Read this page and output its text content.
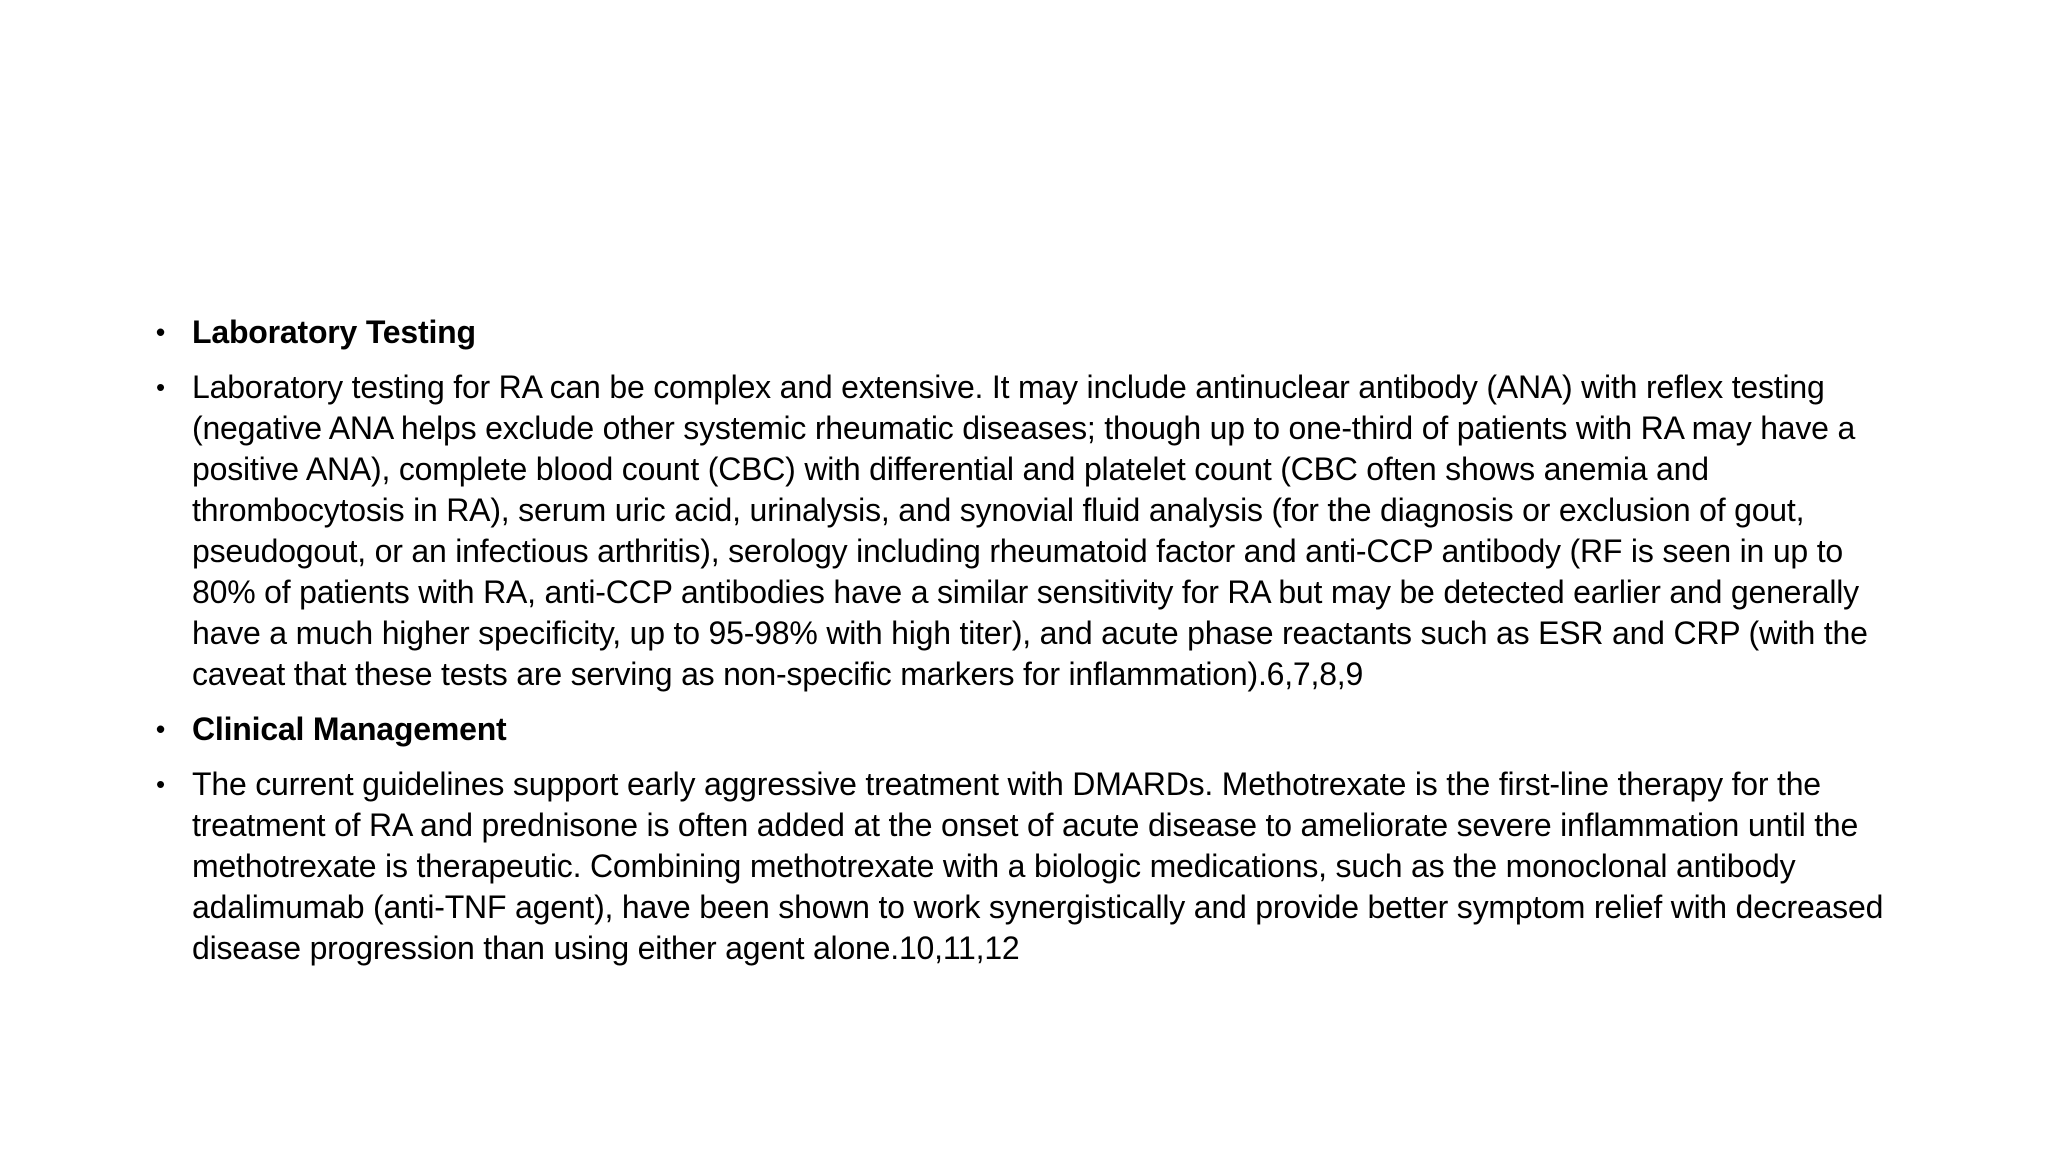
• Laboratory Testing
• Laboratory testing for RA can be complex and extensive. It may include antinuclear antibody (ANA) with reflex testing (negative ANA helps exclude other systemic rheumatic diseases; though up to one-third of patients with RA may have a positive ANA), complete blood count (CBC) with differential and platelet count (CBC often shows anemia and thrombocytosis in RA), serum uric acid, urinalysis, and synovial fluid analysis (for the diagnosis or exclusion of gout, pseudogout, or an infectious arthritis), serology including rheumatoid factor and anti-CCP antibody (RF is seen in up to 80% of patients with RA, anti-CCP antibodies have a similar sensitivity for RA but may be detected earlier and generally have a much higher specificity, up to 95-98% with high titer), and acute phase reactants such as ESR and CRP (with the caveat that these tests are serving as non-specific markers for inflammation).6,7,8,9
• Clinical Management
• The current guidelines support early aggressive treatment with DMARDs. Methotrexate is the first-line therapy for the treatment of RA and prednisone is often added at the onset of acute disease to ameliorate severe inflammation until the methotrexate is therapeutic. Combining methotrexate with a biologic medications, such as the monoclonal antibody adalimumab (anti-TNF agent), have been shown to work synergistically and provide better symptom relief with decreased disease progression than using either agent alone.10,11,12
